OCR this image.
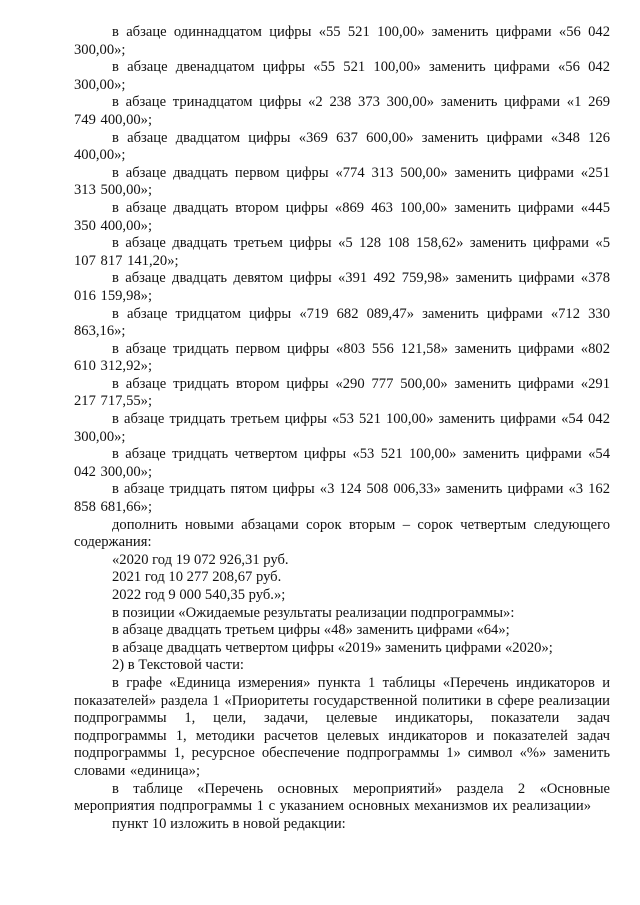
в абзаце одиннадцатом цифры «55 521 100,00» заменить цифрами «56 042 300,00»;

в абзаце двенадцатом цифры «55 521 100,00» заменить цифрами «56 042 300,00»;

в абзаце тринадцатом цифры «2 238 373 300,00» заменить цифрами «1 269 749 400,00»;

в абзаце двадцатом цифры «369 637 600,00» заменить цифрами «348 126 400,00»;

в абзаце двадцать первом цифры «774 313 500,00» заменить цифрами «251 313 500,00»;

в абзаце двадцать втором цифры «869 463 100,00» заменить цифрами «445 350 400,00»;

в абзаце двадцать третьем цифры «5 128 108 158,62» заменить цифрами «5 107 817 141,20»;

в абзаце двадцать девятом цифры «391 492 759,98» заменить цифрами «378 016 159,98»;

в абзаце тридцатом цифры «719 682 089,47» заменить цифрами «712 330 863,16»;

в абзаце тридцать первом цифры «803 556 121,58» заменить цифрами «802 610 312,92»;

в абзаце тридцать втором цифры «290 777 500,00» заменить цифрами «291 217 717,55»;

в абзаце тридцать третьем цифры «53 521 100,00» заменить цифрами «54 042 300,00»;

в абзаце тридцать четвертом цифры «53 521 100,00» заменить цифрами «54 042 300,00»;

в абзаце тридцать пятом цифры «3 124 508 006,33» заменить цифрами «3 162 858 681,66»;

дополнить новыми абзацами сорок вторым – сорок четвертым следующего содержания:

«2020 год 19 072 926,31 руб.

2021 год 10 277 208,67 руб.

2022 год 9 000 540,35 руб.»;

в позиции «Ожидаемые результаты реализации подпрограммы»:

в абзаце двадцать третьем цифры «48» заменить цифрами «64»;

в абзаце двадцать четвертом цифры «2019» заменить цифрами «2020»;

2) в Текстовой части:

в графе «Единица измерения» пункта 1 таблицы «Перечень индикаторов и показателей» раздела 1 «Приоритеты государственной политики в сфере реализации подпрограммы 1, цели, задачи, целевые индикаторы, показатели задач подпрограммы 1, методики расчетов целевых индикаторов и показателей задач подпрограммы 1, ресурсное обеспечение подпрограммы 1» символ «%» заменить словами «единица»;

в таблице «Перечень основных мероприятий» раздела 2 «Основные мероприятия подпрограммы 1 с указанием основных механизмов их реализации»

пункт 10 изложить в новой редакции:
